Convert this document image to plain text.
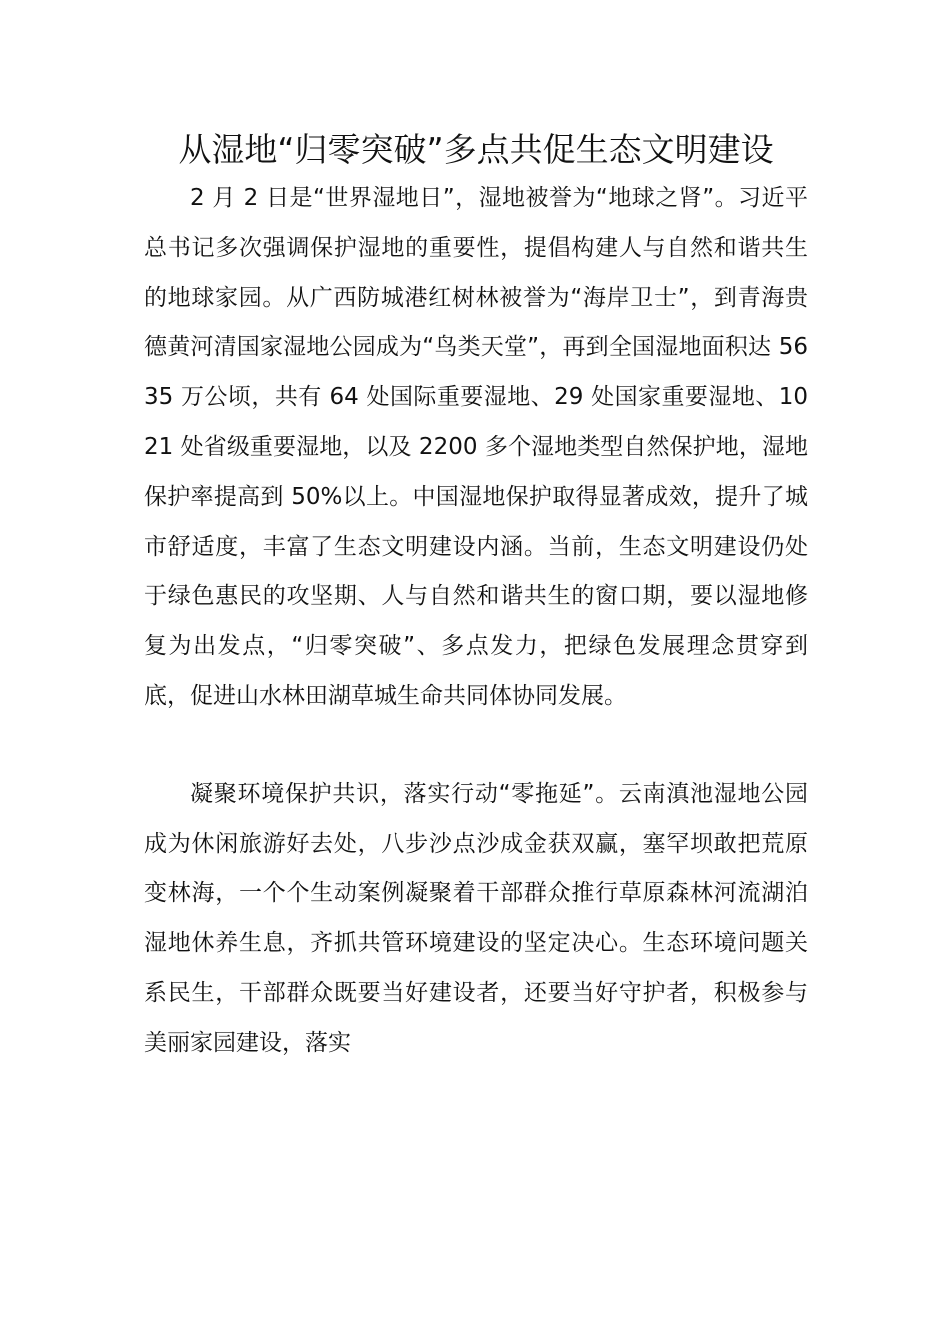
从湿地“归零突破”多点共促生态文明建设

2 月 2 日是“世界湿地日”，湿地被誉为“地球之肾”。习近平总书记多次强调保护湿地的重要性，提倡构建人与自然和谐共生的地球家园。从广西防城港红树林被誉为“海岸卫士”，到青海贵德黄河清国家湿地公园成为“鸟类天堂”，再到全国湿地面积达 5635 万公顷，共有 64 处国际重要湿地、29 处国家重要湿地、1021 处省级重要湿地，以及 2200 多个湿地类型自然保护地，湿地保护率提高到 50%以上。中国湿地保护取得显著成效，提升了城市舒适度，丰富了生态文明建设内涵。当前，生态文明建设仍处于绿色惠民的攻坚期、人与自然和谐共生的窗口期，要以湿地修复为出发点，“归零突破”、多点发力，把绿色发展理念贯穿到底，促进山水林田湖草城生命共同体协同发展。

凝聚环境保护共识，落实行动“零拖延”。云南滇池湿地公园成为休闲旅游好去处，八步沙点沙成金获双赢，塞罕坝敢把荒原变林海，一个个生动案例凝聚着干部群众推行草原森林河流湖泊湿地休养生息，齐抓共管环境建设的坚定决心。生态环境问题关系民生，干部群众既要当好建设者，还要当好守护者，积极参与美丽家园建设，落实
